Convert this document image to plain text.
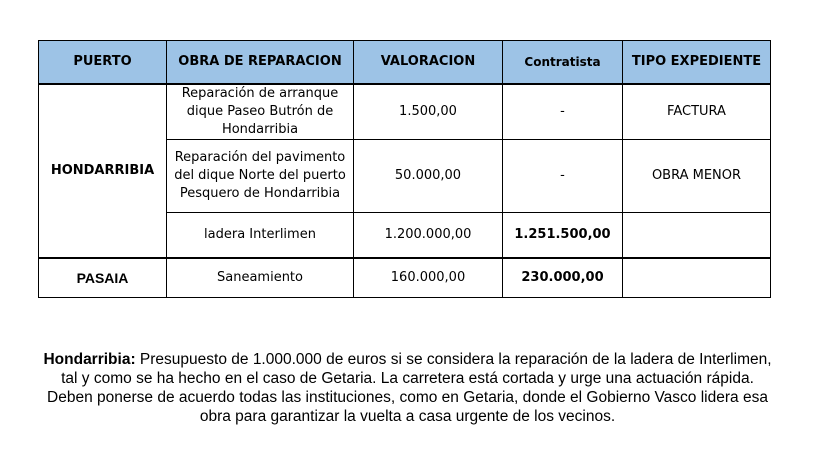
PUERTO	OBRA DE REPARACION	VALORACION	Contratista	TIPO EXPEDIENTE
HONDARRIBIA	Reparación de arranque dique Paseo Butrón de Hondarribia	1.500,00	-	FACTURA
	Reparación del pavimento del dique Norte del puerto Pesquero de Hondarribia	50.000,00	-	OBRA MENOR
	ladera Interlimen	1.200.000,00	1.251.500,00	
PASAIA	Saneamiento	160.000,00	230.000,00	
Hondarribia: Presupuesto de 1.000.000 de euros si se considera la reparación de la ladera de Interlimen, tal y como se ha hecho en el caso de Getaria. La carretera está cortada y urge una actuación rápida. Deben ponerse de acuerdo todas las instituciones, como en Getaria, donde el Gobierno Vasco lidera esa obra para garantizar la vuelta a casa urgente de los vecinos.
